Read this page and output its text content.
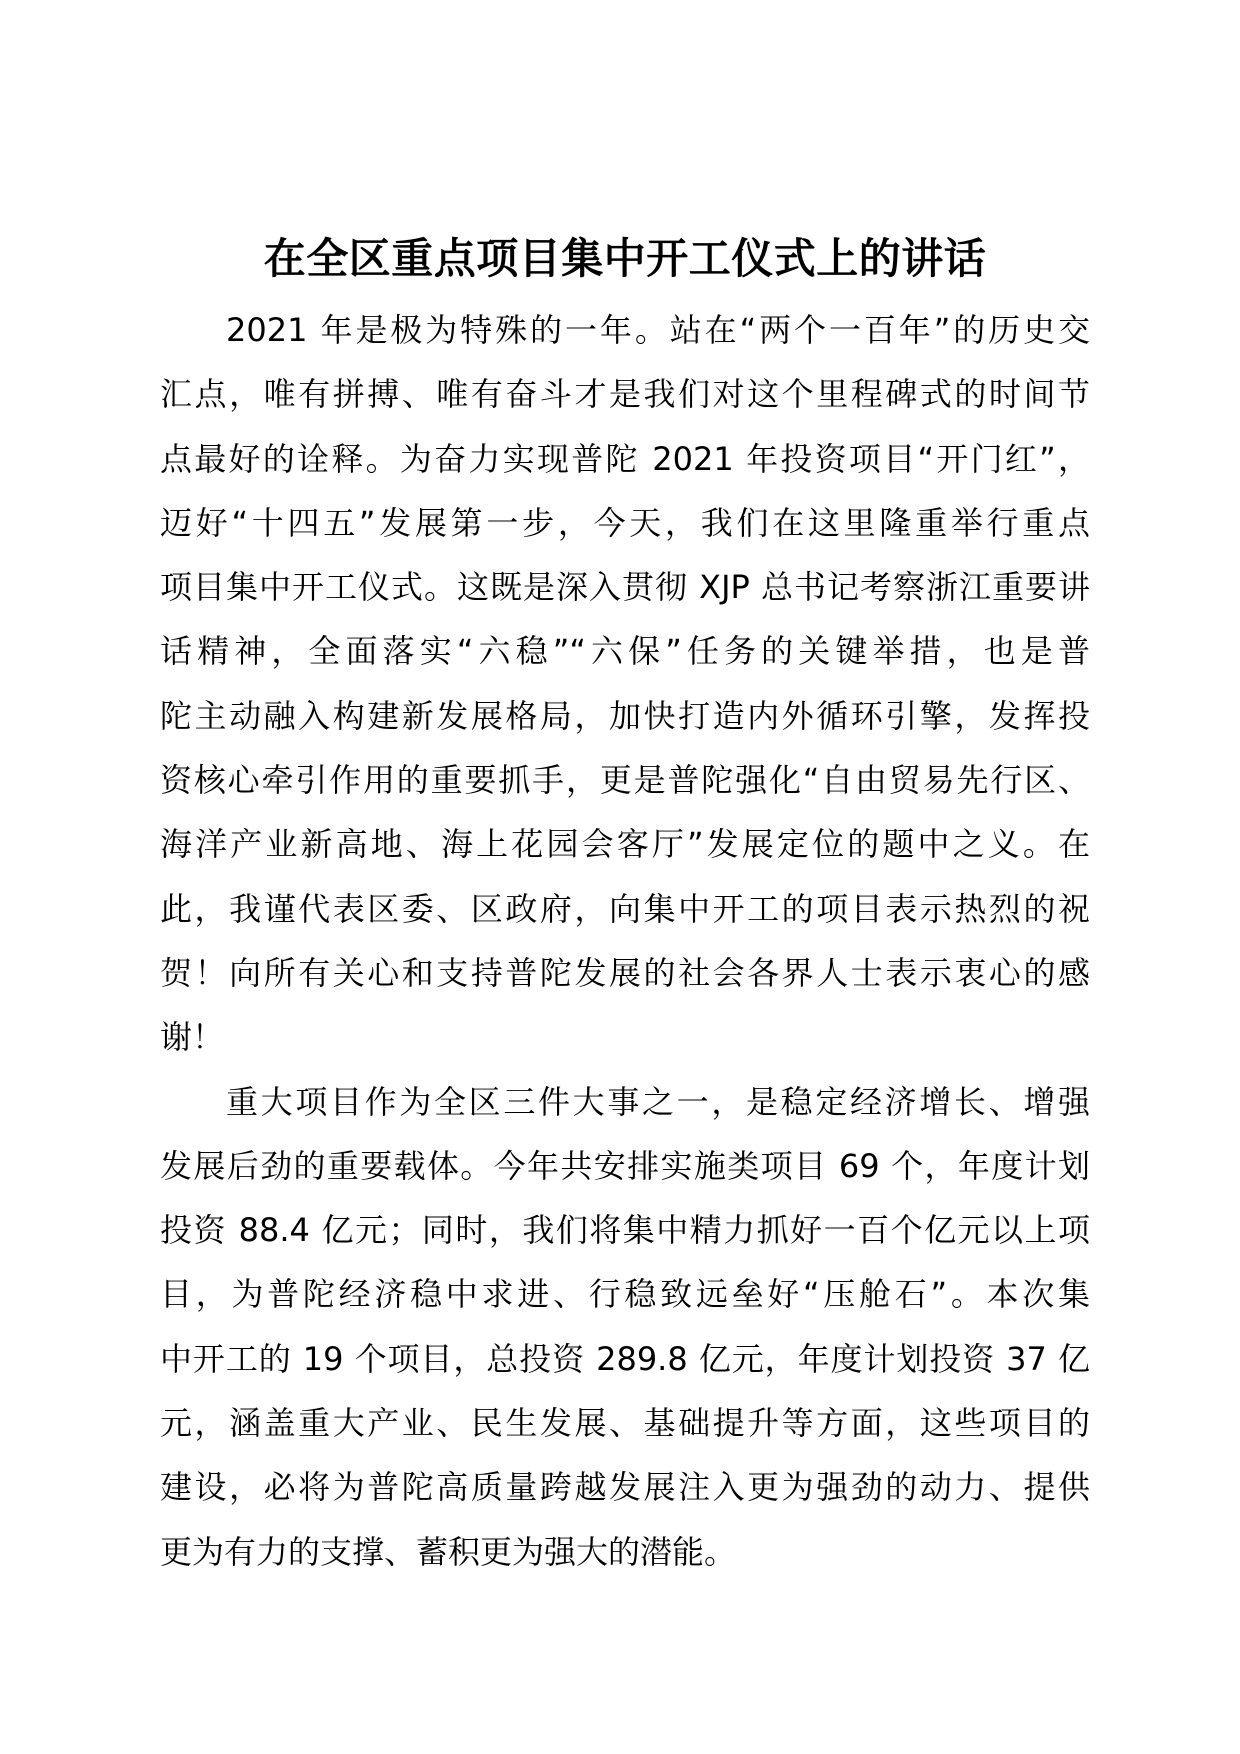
在全区重点项目集中开工仪式上的讲话

2021 年是极为特殊的一年。站在“两个一百年”的历史交
汇点，唯有拼搏、唯有奋斗才是我们对这个里程碑式的时间节
点最好的诠释。为奋力实现普陀 2021 年投资项目“开门红”，
迈好“十四五”发展第一步，今天，我们在这里隆重举行重点
项目集中开工仪式。这既是深入贯彻 XJP 总书记考察浙江重要讲
话精神，全面落实“六稳”“六保”任务的关键举措，也是普
陀主动融入构建新发展格局，加快打造内外循环引擎，发挥投
资核心牵引作用的重要抓手，更是普陀强化“自由贸易先行区、
海洋产业新高地、海上花园会客厅”发展定位的题中之义。在
此，我谨代表区委、区政府，向集中开工的项目表示热烈的祝
贺！向所有关心和支持普陀发展的社会各界人士表示衷心的感
谢！

重大项目作为全区三件大事之一，是稳定经济增长、增强
发展后劲的重要载体。今年共安排实施类项目 69 个，年度计划
投资 88.4 亿元；同时，我们将集中精力抓好一百个亿元以上项
目，为普陀经济稳中求进、行稳致远垒好“压舱石”。本次集
中开工的 19 个项目，总投资 289.8 亿元，年度计划投资 37 亿
元，涵盖重大产业、民生发展、基础提升等方面，这些项目的
建设，必将为普陀高质量跨越发展注入更为强劲的动力、提供
更为有力的支撑、蓄积更为强大的潜能。
